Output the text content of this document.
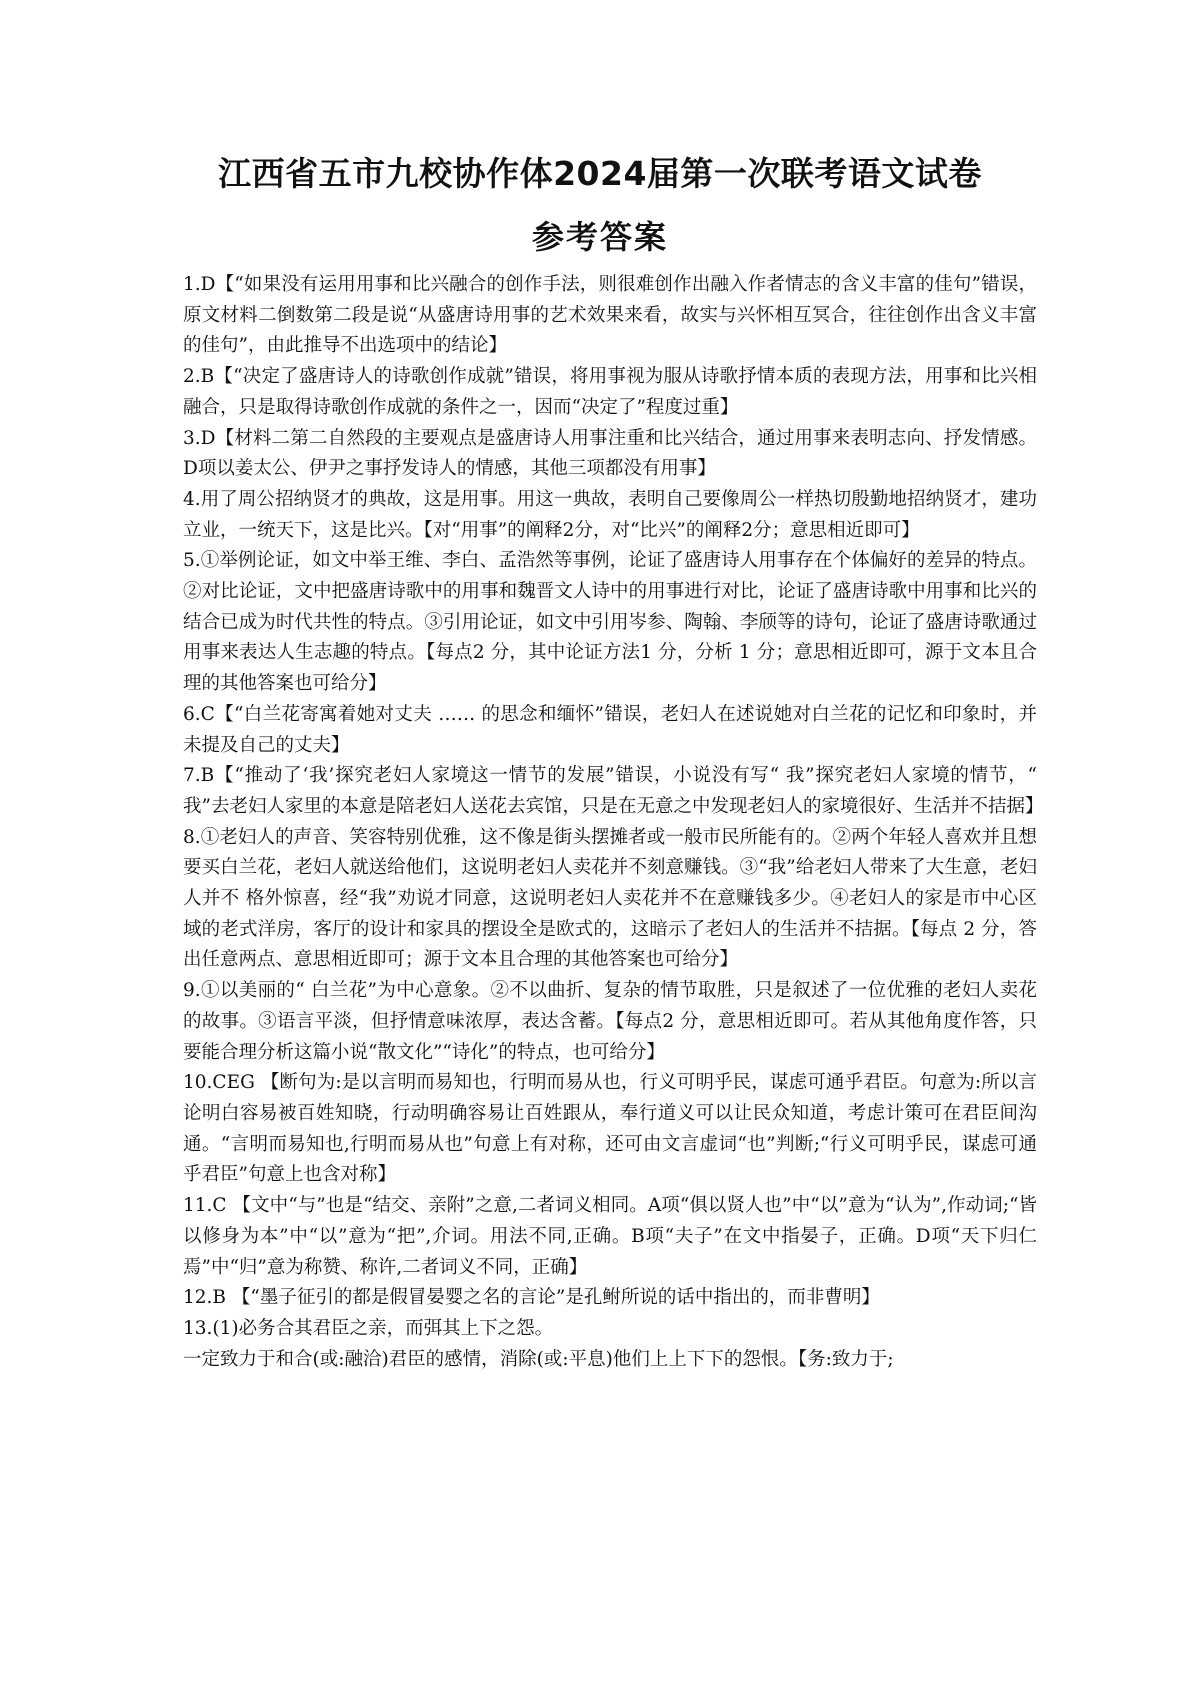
江西省五市九校协作体2024届第一次联考语文试卷
参考答案

1.D【“如果没有运用用事和比兴融合的创作手法，则很难创作出融入作者情志的含义丰富的佳句”错误，原文材料二倒数第二段是说“从盛唐诗用事的艺术效果来看，故实与兴怀相互冥合，往往创作出含义丰富的佳句”，由此推导不出选项中的结论】

2.B【“决定了盛唐诗人的诗歌创作成就”错误，将用事视为服从诗歌抒情本质的表现方法，用事和比兴相融合，只是取得诗歌创作成就的条件之一，因而“决定了”程度过重】

3.D【材料二第二自然段的主要观点是盛唐诗人用事注重和比兴结合，通过用事来表明志向、抒发情感。D项以姜太公、伊尹之事抒发诗人的情感，其他三项都没有用事】

4.用了周公招纳贤才的典故，这是用事。用这一典故，表明自己要像周公一样热切殷勤地招纳贤才，建功立业，一统天下，这是比兴。【对“用事”的阐释2分，对“比兴”的阐释2分；意思相近即可】

5.①举例论证，如文中举王维、李白、孟浩然等事例，论证了盛唐诗人用事存在个体偏好的差异的特点。 ②对比论证，文中把盛唐诗歌中的用事和魏晋文人诗中的用事进行对比，论证了盛唐诗歌中用事和比兴的结合已成为时代共性的特点。③引用论证，如文中引用岑参、陶翰、李颀等的诗句，论证了盛唐诗歌通过用事来表达人生志趣的特点。【每点2 分，其中论证方法1 分，分析 1 分；意思相近即可，源于文本且合理的其他答案也可给分】

6.C【“白兰花寄寓着她对丈夫 …… 的思念和缅怀”错误，老妇人在述说她对白兰花的记忆和印象时，并未提及自己的丈夫】

7.B【“推动了‘我’探究老妇人家境这一情节的发展”错误，小说没有写“ 我”探究老妇人家境的情节，“ 我”去老妇人家里的本意是陪老妇人送花去宾馆，只是在无意之中发现老妇人的家境很好、生活并不拮据】

8.①老妇人的声音、笑容特别优雅，这不像是街头摆摊者或一般市民所能有的。②两个年轻人喜欢并且想要买白兰花，老妇人就送给他们，这说明老妇人卖花并不刻意赚钱。③“我”给老妇人带来了大生意，老妇人并不 格外惊喜，经“我”劝说才同意，这说明老妇人卖花并不在意赚钱多少。④老妇人的家是市中心区域的老式洋房，客厅的设计和家具的摆设全是欧式的，这暗示了老妇人的生活并不拮据。【每点 2 分，答出任意两点、意思相近即可；源于文本且合理的其他答案也可给分】

9.①以美丽的“ 白兰花”为中心意象。②不以曲折、复杂的情节取胜，只是叙述了一位优雅的老妇人卖花的故事。③语言平淡，但抒情意味浓厚，表达含蓄。【每点2 分，意思相近即可。若从其他角度作答，只要能合理分析这篇小说“散文化”“诗化”的特点，也可给分】

10.CEG 【断句为:是以言明而易知也，行明而易从也，行义可明乎民，谋虑可通乎君臣。句意为:所以言论明白容易被百姓知晓，行动明确容易让百姓跟从，奉行道义可以让民众知道，考虑计策可在君臣间沟通。“言明而易知也,行明而易从也”句意上有对称，还可由文言虚词“也”判断;“行义可明乎民，谋虑可通乎君臣”句意上也含对称】

11.C 【文中“与”也是“结交、亲附”之意,二者词义相同。A项“俱以贤人也”中“以”意为“认为”,作动词;“皆以修身为本”中“以”意为“把”,介词。用法不同,正确。B项“夫子”在文中指晏子，正确。D项“天下归仁焉”中“归”意为称赞、称许,二者词义不同，正确】

12.B 【“墨子征引的都是假冒晏婴之名的言论”是孔鲋所说的话中指出的，而非曹明】

13.(1)必务合其君臣之亲，而弭其上下之怨。

一定致力于和合(或:融洽)君臣的感情，消除(或:平息)他们上上下下的怨恨。【务:致力于;
